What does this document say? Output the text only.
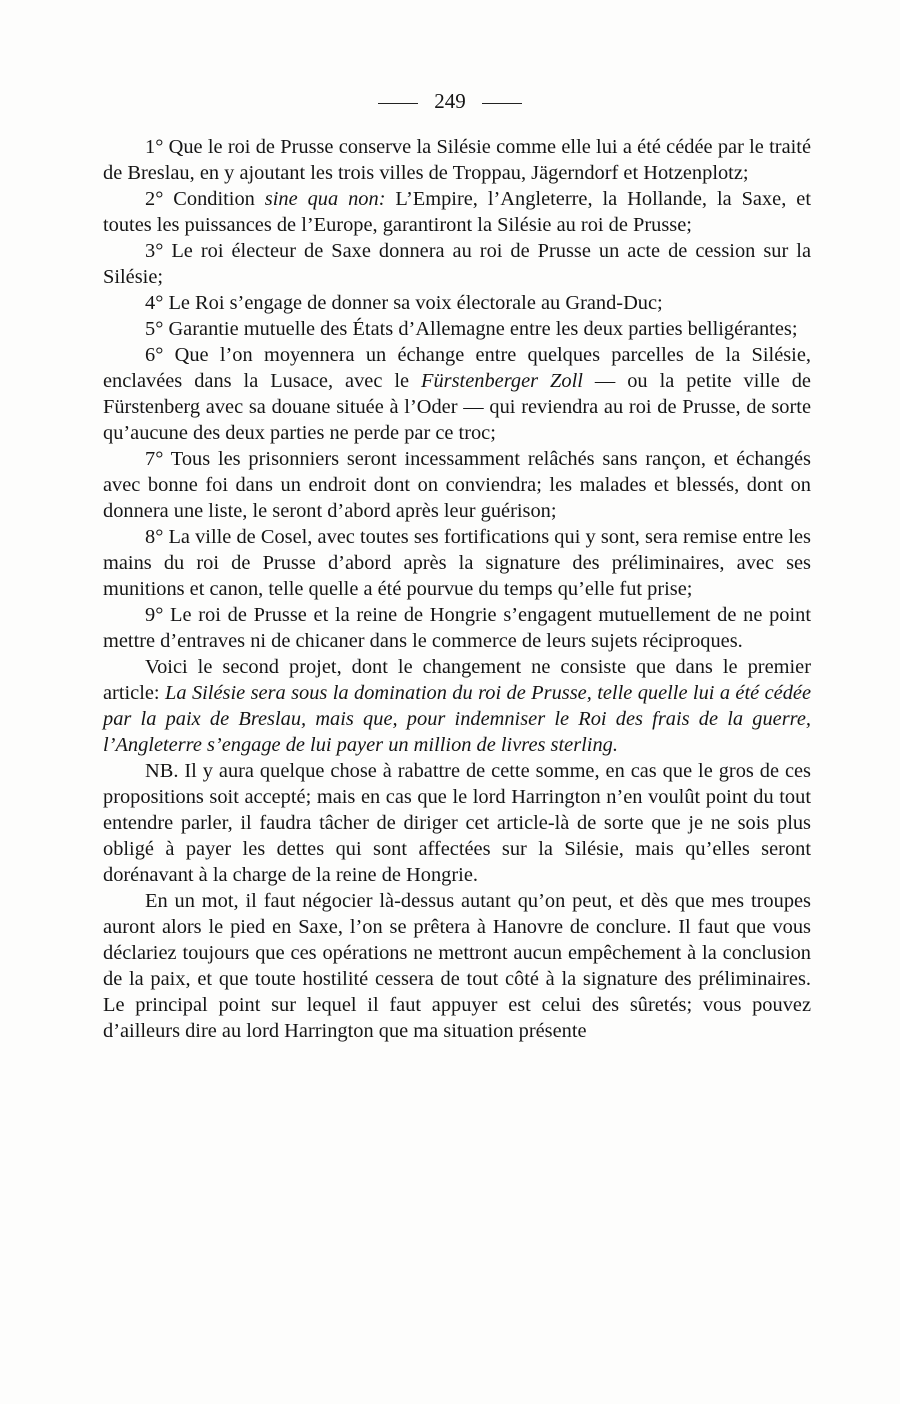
249

1° Que le roi de Prusse conserve la Silésie comme elle lui a été cédée par le traité de Breslau, en y ajoutant les trois villes de Troppau, Jägerndorf et Hotzenplotz;

2° Condition sine qua non: L’Empire, l’Angleterre, la Hollande, la Saxe, et toutes les puissances de l’Europe, garantiront la Silésie au roi de Prusse;

3° Le roi électeur de Saxe donnera au roi de Prusse un acte de cession sur la Silésie;

4° Le Roi s’engage de donner sa voix électorale au Grand-Duc;

5° Garantie mutuelle des États d’Allemagne entre les deux parties belligérantes;

6° Que l’on moyennera un échange entre quelques parcelles de la Silésie, enclavées dans la Lusace, avec le Fürstenberger Zoll — ou la petite ville de Fürstenberg avec sa douane située à l’Oder — qui reviendra au roi de Prusse, de sorte qu’aucune des deux parties ne perde par ce troc;

7° Tous les prisonniers seront incessamment relâchés sans rançon, et échangés avec bonne foi dans un endroit dont on conviendra; les malades et blessés, dont on donnera une liste, le seront d’abord après leur guérison;

8° La ville de Cosel, avec toutes ses fortifications qui y sont, sera remise entre les mains du roi de Prusse d’abord après la signature des préliminaires, avec ses munitions et canon, telle quelle a été pourvue du temps qu’elle fut prise;

9° Le roi de Prusse et la reine de Hongrie s’engagent mutuellement de ne point mettre d’entraves ni de chicaner dans le commerce de leurs sujets réciproques.

Voici le second projet, dont le changement ne consiste que dans le premier article: La Silésie sera sous la domination du roi de Prusse, telle quelle lui a été cédée par la paix de Breslau, mais que, pour indemniser le Roi des frais de la guerre, l’Angleterre s’engage de lui payer un million de livres sterling.

NB. Il y aura quelque chose à rabattre de cette somme, en cas que le gros de ces propositions soit accepté; mais en cas que le lord Harrington n’en voulût point du tout entendre parler, il faudra tâcher de diriger cet article-là de sorte que je ne sois plus obligé à payer les dettes qui sont affectées sur la Silésie, mais qu’elles seront dorénavant à la charge de la reine de Hongrie.

En un mot, il faut négocier là-dessus autant qu’on peut, et dès que mes troupes auront alors le pied en Saxe, l’on se prêtera à Hanovre de conclure. Il faut que vous déclariez toujours que ces opérations ne mettront aucun empêchement à la conclusion de la paix, et que toute hostilité cessera de tout côté à la signature des préliminaires. Le principal point sur lequel il faut appuyer est celui des sûretés; vous pouvez d’ailleurs dire au lord Harrington que ma situation présente
